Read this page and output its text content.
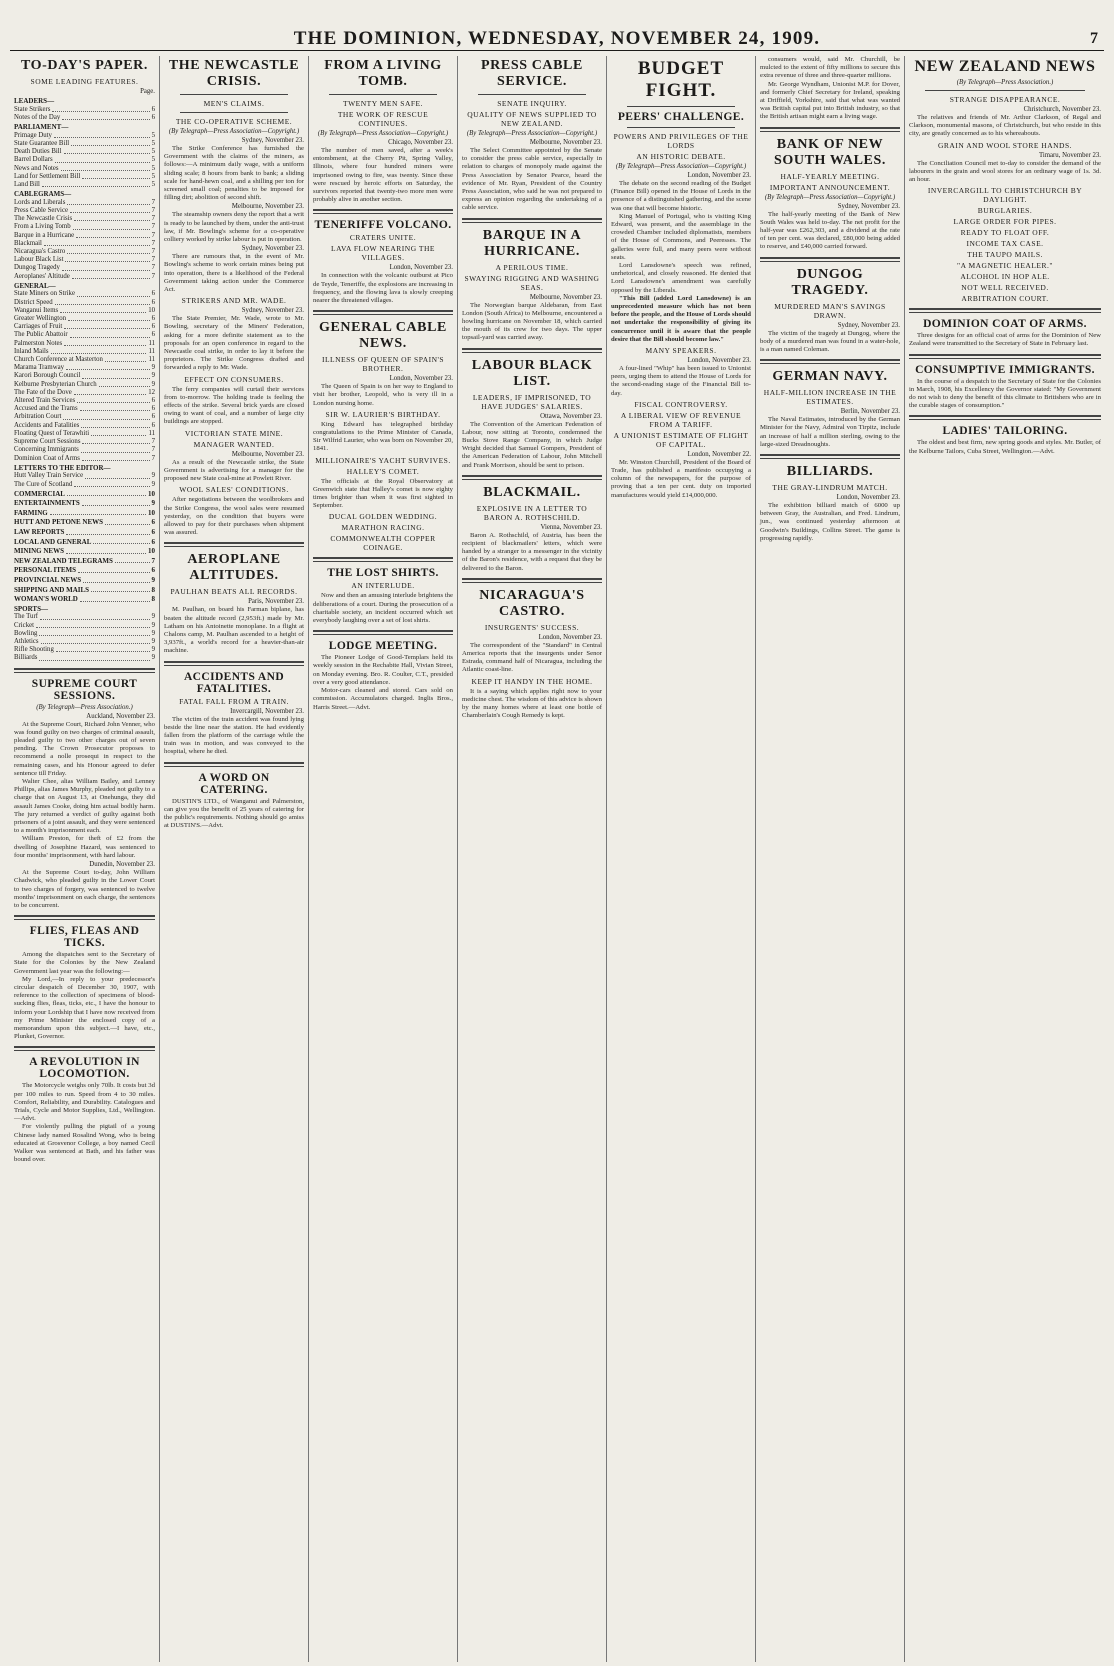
THE DOMINION, WEDNESDAY, NOVEMBER 24, 1909.	7
TO-DAY'S PAPER.
SOME LEADING FEATURES.
Page.
LEADERS—
State Strikers	6
Notes of the Day	6
PARLIAMENT—
Primage Duty	5
State Guarantee Bill	5
Death Duties Bill	5
Barrel Dollars	5
News and Notes	5
Land for Settlement Bill	5
Land Bill	5
CABLEGRAMS—
Lords and Liberals	7
Press Cable Service	7
The Newcastle Crisis	7
From a Living Tomb	7
Barque in a Hurricane	7
Blackmail	7
Nicaragua's Castro	7
Labour Black List	7
Dungog Tragedy	7
Aeroplanes' Altitude	7
GENERAL—
State Miners on Strike	6
District Speed	6
Wanganui Items	10
Greater Wellington	6
Carriages of Fruit	6
The Public Abattoir	6
Palmerston Notes	11
Inland Mails	11
Church Conference at Masterton	11
Marama Tramway	9
Karori Borough Council	9
Kelburne Presbyterian Church	9
The Fate of the Dove	12
Altered Train Services	6
Accused and the Trams	6
Arbitration Court	6
Accidents and Fatalities	6
Floating Quest of Terawhiti	11
Supreme Court Sessions	7
Concerning Immigrants	7
Dominion Coat of Arms	7
LETTERS TO THE EDITOR—
Hutt Valley Train Service	9
The Cure of Scotland	9
COMMERCIAL	10
ENTERTAINMENTS	9
FARMING	10
HUTT AND PETONE NEWS	6
LAW REPORTS	6
LOCAL AND GENERAL	6
MINING NEWS	10
NEW ZEALAND TELEGRAMS	7
PERSONAL ITEMS	6
PROVINCIAL NEWS	9
SHIPPING AND MAILS	8
WOMAN'S WORLD	8
SPORTS—
The Turf	9
Cricket	9
Bowling	9
Athletics	9
Rifle Shooting	9
Billiards	9
SUPREME COURT SESSIONS.
(By Telegraph—Press Association.)
Auckland, November 23.

At the Supreme Court, Richard John Venner, who was found guilty on two charges of criminal assault, pleaded guilty to two other charges out of seven pending. The Crown Prosecutor proposes to recommend a nolle prosequi in respect to the remaining cases, and his Honour agreed to defer sentence till Friday.

Walter Chee, alias William Bailey, and Lenney Phillips, alias James Murphy, pleaded not guilty to a charge that on August 13, at Onehunga, they did assault James Cooke, doing him actual bodily harm. The jury returned a verdict of guilty against both prisoners of a joint assault, and they were sentenced to a month's imprisonment each.

William Preston, for theft of £2 from the dwelling of Josephine Hazard, was sentenced to four months' imprisonment, with hard labour.

Dunedin, November 23.

At the Supreme Court to-day, John William Chadwick, who pleaded guilty in the Lower Court to two charges of forgery, was sentenced to twelve months' imprisonment on each charge, the sentences to be concurrent.

FLIES, FLEAS AND TICKS.

Among the dispatches sent to the Secretary of State for the Colonies by the New Zealand Government last year was the following:—

My Lord,—In reply to your predecessor's circular despatch of December 30, 1907, with reference to the collection of specimens of blood-sucking flies, fleas, ticks, etc., I have the honour to inform your Lordship that I have now received from my Prime Minister the enclosed copy of a memorandum upon this subject.—I have, etc., Plunket, Governor.

A REVOLUTION IN LOCOMOTION.

The Motorcycle weighs only 70lb. It costs but 3d per 100 miles to run. Speed from 4 to 30 miles. Comfort, Reliability, and Durability. Catalogues and Trials, Cycle and Motor Supplies, Ltd., Wellington.—Advt.

For violently pulling the pigtail of a young Chinese lady named Rosalind Wong, who is being educated at Grosvenor College, a boy named Cecil Walker was sentenced at Bath, and his father was bound over.

THE NEWCASTLE CRISIS.
MEN'S CLAIMS.
THE CO-OPERATIVE SCHEME.
(By Telegraph—Press Association—Copyright.)
Sydney, November 23.

The Strike Conference has furnished the Government with the claims of the miners, as follows:—A minimum daily wage, with a uniform sliding scale; 8 hours from bank to bank; a sliding scale for hand-hewn coal, and a shilling per ton for screened small coal; penalties to be imposed for filling dirt; abolition of second shift.

Melbourne, November 23.

The steamship owners deny the report that a writ is ready to be launched by them, under the anti-trust law, if Mr. Bowling's scheme for a co-operative colliery worked by strike labour is put in operation.

Sydney, November 23.

There are rumours that, in the event of Mr. Bowling's scheme to work certain mines being put into operation, there is a likelihood of the Federal Government taking action under the Commerce Act.

STRIKERS AND MR. WADE.
Sydney, November 23.

The State Premier, Mr. Wade, wrote to Mr. Bowling, secretary of the Miners' Federation, asking for a more definite statement as to the proposals for an open conference in regard to the Newcastle coal strike, in order to lay it before the proprietors. The Strike Congress drafted and forwarded a reply to Mr. Wade.

EFFECT ON CONSUMERS.

The ferry companies will curtail their services from to-morrow. The holding trade is feeling the effects of the strike. Several brick yards are closed owing to want of coal, and a number of large city buildings are stopped.

VICTORIAN STATE MINE.
MANAGER WANTED.
Melbourne, November 23.

As a result of the Newcastle strike, the State Government is advertising for a manager for the proposed new State coal-mine at Powlett River.

WOOL SALES' CONDITIONS.

After negotiations between the woolbrokers and the Strike Congress, the wool sales were resumed yesterday, on the condition that buyers were allowed to pay for their purchases when shipment was assured.

AEROPLANE ALTITUDES.
PAULHAN BEATS ALL RECORDS.
Paris, November 23.

M. Paulhan, on board his Farman biplane, has beaten the altitude record (2,953ft.) made by Mr. Latham on his Antoinette monoplane. In a flight at Chalons camp, M. Paulhan ascended to a height of 3,937ft., a world's record for a heavier-than-air machine.

ACCIDENTS AND FATALITIES.
FATAL FALL FROM A TRAIN.
Invercargill, November 23.

The victim of the train accident was found lying beside the line near the station. He had evidently fallen from the platform of the carriage while the train was in motion, and was conveyed to the hospital, where he died.

A WORD ON CATERING.

DUSTIN'S LTD., of Wanganui and Palmerston, can give you the benefit of 25 years of catering for the public's requirements. Nothing should go amiss at DUSTIN'S.—Advt.

FROM A LIVING TOMB.
TWENTY MEN SAFE.
THE WORK OF RESCUE CONTINUES.
(By Telegraph—Press Association—Copyright.)
Chicago, November 23.

The number of men saved, after a week's entombment, at the Cherry Pit, Spring Valley, Illinois, where four hundred miners were imprisoned owing to fire, was twenty. Since these were rescued by heroic efforts on Saturday, the survivors reported that twenty-two more men were probably alive in another section.

TENERIFFE VOLCANO.
CRATERS UNITE.
LAVA FLOW NEARING THE VILLAGES.
London, November 23.

In connection with the volcanic outburst at Pico de Teyde, Teneriffe, the explosions are increasing in frequency, and the flowing lava is slowly creeping nearer the threatened villages.

GENERAL CABLE NEWS.
ILLNESS OF QUEEN OF SPAIN'S BROTHER.
London, November 23.

The Queen of Spain is on her way to England to visit her brother, Leopold, who is very ill in a London nursing home.

SIR W. LAURIER'S BIRTHDAY.

King Edward has telegraphed birthday congratulations to the Prime Minister of Canada, Sir Wilfrid Laurier, who was born on November 20, 1841.

MILLIONAIRE'S YACHT SURVIVES.
HALLEY'S COMET.

The officials at the Royal Observatory at Greenwich state that Halley's comet is now eighty times brighter than when it was first sighted in September.

DUCAL GOLDEN WEDDING.
MARATHON RACING.
COMMONWEALTH COPPER COINAGE.
THE LOST SHIRTS.
AN INTERLUDE.

Now and then an amusing interlude brightens the deliberations of a court. During the prosecution of a charitable society, an incident occurred which set everybody laughing over a set of lost shirts.

LODGE MEETING.

The Pioneer Lodge of Good-Templars held its weekly session in the Rechabite Hall, Vivian Street, on Monday evening. Bro. R. Coulter, C.T., presided over a very good attendance.

Motor-cars cleaned and stored. Cars sold on commission. Accumulators charged. Inglis Bros., Harris Street.—Advt.

PRESS CABLE SERVICE.
SENATE INQUIRY.
QUALITY OF NEWS SUPPLIED TO NEW ZEALAND.
(By Telegraph—Press Association—Copyright.)
Melbourne, November 23.

The Select Committee appointed by the Senate to consider the press cable service, especially in relation to charges of monopoly made against the Press Association by Senator Pearce, heard the evidence of Mr. Ryan, President of the Country Press Association, who said he was not prepared to express an opinion regarding the undertaking of a cable service.

BARQUE IN A HURRICANE.
A PERILOUS TIME.
SWAYING RIGGING AND WASHING SEAS.
Melbourne, November 23.

The Norwegian barque Aldebaran, from East London (South Africa) to Melbourne, encountered a howling hurricane on November 18, which carried the mouth of its crew for two days. The upper topsail-yard was carried away.

LABOUR BLACK LIST.
LEADERS, IF IMPRISONED, TO HAVE JUDGES' SALARIES.
Ottawa, November 23.

The Convention of the American Federation of Labour, now sitting at Toronto, condemned the Bucks Stove Range Company, in which Judge Wright decided that Samuel Gompers, President of the American Federation of Labour, John Mitchell and Frank Morrison, should be sent to prison.

BLACKMAIL.
EXPLOSIVE IN A LETTER TO BARON A. ROTHSCHILD.
Vienna, November 23.

Baron A. Rothschild, of Austria, has been the recipient of blackmailers' letters, which were handed by a stranger to a messenger in the vicinity of the Baron's residence, with a request that they be delivered to the Baron.

NICARAGUA'S CASTRO.
INSURGENTS' SUCCESS.
London, November 23.

The correspondent of the "Standard" in Central America reports that the insurgents under Senor Estrada, command half of Nicaragua, including the Atlantic coast-line.

KEEP IT HANDY IN THE HOME.

It is a saying which applies right now to your medicine chest. The wisdom of this advice is shown by the many homes where at least one bottle of Chamberlain's Cough Remedy is kept.

BUDGET FIGHT.
PEERS' CHALLENGE.
POWERS AND PRIVILEGES OF THE LORDS
AN HISTORIC DEBATE.
(By Telegraph—Press Association—Copyright.)
London, November 23.

The debate on the second reading of the Budget (Finance Bill) opened in the House of Lords in the presence of a distinguished gathering, and the scene was one that will become historic.

King Manuel of Portugal, who is visiting King Edward, was present, and the assemblage in the crowded Chamber included diplomatists, members of the House of Commons, and Peeresses. The galleries were full, and many peers were without seats.

Lord Lansdowne's speech was refined, unrhetorical, and closely reasoned. He denied that Lord Lansdowne's amendment was carefully opposed by the Liberals.

"This Bill (added Lord Lansdowne) is an unprecedented measure which has not been before the people, and the House of Lords should not undertake the responsibility of giving its concurrence until it is aware that the people desire that the Bill should become law."

MANY SPEAKERS.
London, November 23.

A four-lined "Whip" has been issued to Unionist peers, urging them to attend the House of Lords for the second-reading stage of the Financial Bill to-day.

FISCAL CONTROVERSY.
A LIBERAL VIEW OF REVENUE FROM A TARIFF.
A UNIONIST ESTIMATE OF FLIGHT OF CAPITAL.
London, November 22.

Mr. Winston Churchill, President of the Board of Trade, has published a manifesto occupying a column of the newspapers, for the purpose of proving that a ten per cent. duty on imported manufactures would yield £14,000,000.

consumers would, said Mr. Churchill, be mulcted to the extent of fifty millions to secure this extra revenue of three and three-quarter millions.

Mr. George Wyndham, Unionist M.P. for Dover, and formerly Chief Secretary for Ireland, speaking at Driffield, Yorkshire, said that what was wanted was British capital put into British industry, so that the British artisan might earn a living wage.

BANK OF NEW SOUTH WALES.
HALF-YEARLY MEETING.
IMPORTANT ANNOUNCEMENT.
(By Telegraph—Press Association—Copyright.)
Sydney, November 23.

The half-yearly meeting of the Bank of New South Wales was held to-day. The net profit for the half-year was £262,303, and a dividend at the rate of ten per cent. was declared, £80,000 being added to reserve, and £40,000 carried forward.

DUNGOG TRAGEDY.
MURDERED MAN'S SAVINGS DRAWN.
Sydney, November 23.

The victim of the tragedy at Dungog, where the body of a murdered man was found in a water-hole, is a man named Coleman.

GERMAN NAVY.
HALF-MILLION INCREASE IN THE ESTIMATES.
Berlin, November 23.

The Naval Estimates, introduced by the German Minister for the Navy, Admiral von Tirpitz, include an increase of half a million sterling, owing to the large-sized Dreadnoughts.

BILLIARDS.
THE GRAY-LINDRUM MATCH.
London, November 23.

The exhibition billiard match of 6000 up between Gray, the Australian, and Fred. Lindrum, jun., was continued yesterday afternoon at Goodwin's Buildings, Collins Street. The game is progressing rapidly.

NEW ZEALAND NEWS
(By Telegraph—Press Association.)
STRANGE DISAPPEARANCE.
Christchurch, November 23.

The relatives and friends of Mr. Arthur Clarkson, of Regal and Clarkson, monumental masons, of Christchurch, but who reside in this city, are greatly concerned as to his whereabouts.

GRAIN AND WOOL STORE HANDS.
Timaru, November 23.

The Conciliation Council met to-day to consider the demand of the labourers in the grain and wool stores for an ordinary wage of 1s. 3d. an hour.

INVERCARGILL TO CHRISTCHURCH BY DAYLIGHT.
BURGLARIES.
LARGE ORDER FOR PIPES.
READY TO FLOAT OFF.
INCOME TAX CASE.
THE TAUPO MAILS.
"A MAGNETIC HEALER."
ALCOHOL IN HOP ALE.
NOT WELL RECEIVED.
ARBITRATION COURT.
DOMINION COAT OF ARMS.

Three designs for an official coat of arms for the Dominion of New Zealand were transmitted to the Secretary of State in February last.

CONSUMPTIVE IMMIGRANTS.

In the course of a despatch to the Secretary of State for the Colonies in March, 1908, his Excellency the Governor stated: "My Government do not wish to deny the benefit of this climate to Britishers who are in the curable stages of consumption."

LADIES' TAILORING.

The oldest and best firm, new spring goods and styles. Mr. Butler, of the Kelburne Tailors, Cuba Street, Wellington.—Advt.
